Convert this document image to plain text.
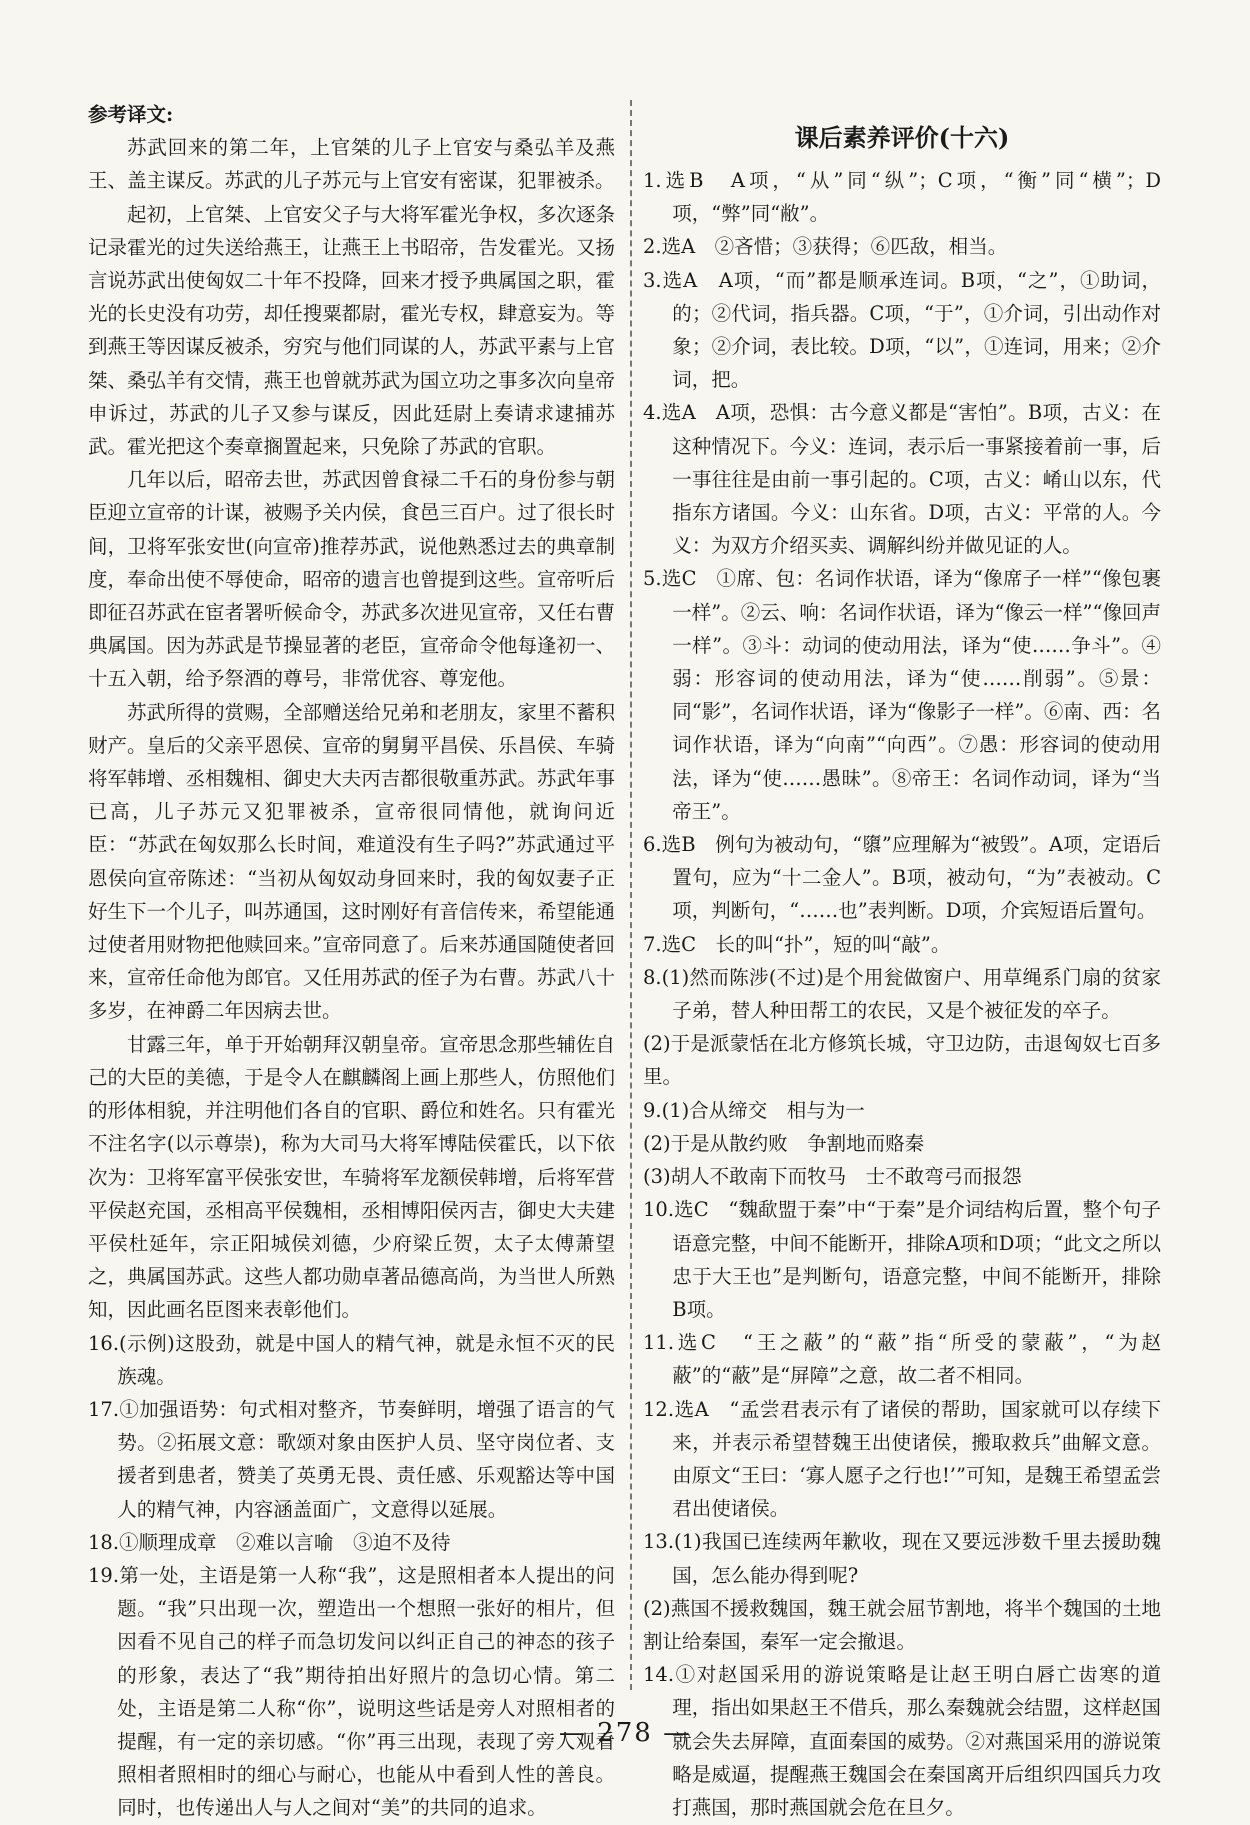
参考译文:

苏武回来的第二年，上官桀的儿子上官安与桑弘羊及燕王、盖主谋反。苏武的儿子苏元与上官安有密谋，犯罪被杀。

起初，上官桀、上官安父子与大将军霍光争权，多次逐条记录霍光的过失送给燕王，让燕王上书昭帝，告发霍光。又扬言说苏武出使匈奴二十年不投降，回来才授予典属国之职，霍光的长史没有功劳，却任搜粟都尉，霍光专权，肆意妄为。等到燕王等因谋反被杀，穷究与他们同谋的人，苏武平素与上官桀、桑弘羊有交情，燕王也曾就苏武为国立功之事多次向皇帝申诉过，苏武的儿子又参与谋反，因此廷尉上奏请求逮捕苏武。霍光把这个奏章搁置起来，只免除了苏武的官职。

几年以后，昭帝去世，苏武因曾食禄二千石的身份参与朝臣迎立宣帝的计谋，被赐予关内侯，食邑三百户。过了很长时间，卫将军张安世(向宣帝)推荐苏武，说他熟悉过去的典章制度，奉命出使不辱使命，昭帝的遗言也曾提到这些。宣帝听后即征召苏武在宦者署听候命令，苏武多次进见宣帝，又任右曹典属国。因为苏武是节操显著的老臣，宣帝命令他每逢初一、十五入朝，给予祭酒的尊号，非常优容、尊宠他。

苏武所得的赏赐，全部赠送给兄弟和老朋友，家里不蓄积财产。皇后的父亲平恩侯、宣帝的舅舅平昌侯、乐昌侯、车骑将军韩增、丞相魏相、御史大夫丙吉都很敬重苏武。苏武年事已高，儿子苏元又犯罪被杀，宣帝很同情他，就询问近臣：“苏武在匈奴那么长时间，难道没有生子吗?”苏武通过平恩侯向宣帝陈述：“当初从匈奴动身回来时，我的匈奴妻子正好生下一个儿子，叫苏通国，这时刚好有音信传来，希望能通过使者用财物把他赎回来。”宣帝同意了。后来苏通国随使者回来，宣帝任命他为郎官。又任用苏武的侄子为右曹。苏武八十多岁，在神爵二年因病去世。

甘露三年，单于开始朝拜汉朝皇帝。宣帝思念那些辅佐自己的大臣的美德，于是令人在麒麟阁上画上那些人，仿照他们的形体相貌，并注明他们各自的官职、爵位和姓名。只有霍光不注名字(以示尊崇)，称为大司马大将军博陆侯霍氏，以下依次为：卫将军富平侯张安世，车骑将军龙额侯韩增，后将军营平侯赵充国，丞相高平侯魏相，丞相博阳侯丙吉，御史大夫建平侯杜延年，宗正阳城侯刘德，少府梁丘贺，太子太傅萧望之，典属国苏武。这些人都功勋卓著品德高尚，为当世人所熟知，因此画名臣图来表彰他们。

16.(示例)这股劲，就是中国人的精气神，就是永恒不灭的民族魂。

17.①加强语势：句式相对整齐，节奏鲜明，增强了语言的气势。②拓展文意：歌颂对象由医护人员、坚守岗位者、支援者到患者，赞美了英勇无畏、责任感、乐观豁达等中国人的精气神，内容涵盖面广，文意得以延展。

18.①顺理成章　②难以言喻　③迫不及待

19.第一处，主语是第一人称“我”，这是照相者本人提出的问题。“我”只出现一次，塑造出一个想照一张好的相片，但因看不见自己的样子而急切发问以纠正自己的神态的孩子的形象，表达了“我”期待拍出好照片的急切心情。第二处，主语是第二人称“你”，说明这些话是旁人对照相者的提醒，有一定的亲切感。“你”再三出现，表现了旁人观看照相者照相时的细心与耐心，也能从中看到人性的善良。同时，也传递出人与人之间对“美”的共同的追求。

课后素养评价(十六)

1.选B　A项，“从”同“纵”；C项，“衡”同“横”；D项，“弊”同“敝”。

2.选A　②吝惜；③获得；⑥匹敌，相当。

3.选A　A项，“而”都是顺承连词。B项，“之”，①助词，的；②代词，指兵器。C项，“于”，①介词，引出动作对象；②介词，表比较。D项，“以”，①连词，用来；②介词，把。

4.选A　A项，恐惧：古今意义都是“害怕”。B项，古义：在这种情况下。今义：连词，表示后一事紧接着前一事，后一事往往是由前一事引起的。C项，古义：崤山以东，代指东方诸国。今义：山东省。D项，古义：平常的人。今义：为双方介绍买卖、调解纠纷并做见证的人。

5.选C　①席、包：名词作状语，译为“像席子一样”“像包裹一样”。②云、响：名词作状语，译为“像云一样”“像回声一样”。③斗：动词的使动用法，译为“使……争斗”。④弱：形容词的使动用法，译为“使……削弱”。⑤景：同“影”，名词作状语，译为“像影子一样”。⑥南、西：名词作状语，译为“向南”“向西”。⑦愚：形容词的使动用法，译为“使……愚昧”。⑧帝王：名词作动词，译为“当帝王”。

6.选B　例句为被动句，“隳”应理解为“被毁”。A项，定语后置句，应为“十二金人”。B项，被动句，“为”表被动。C项，判断句，“……也”表判断。D项，介宾短语后置句。

7.选C　长的叫“扑”，短的叫“敲”。

8.(1)然而陈涉(不过)是个用瓮做窗户、用草绳系门扇的贫家子弟，替人种田帮工的农民，又是个被征发的卒子。

(2)于是派蒙恬在北方修筑长城，守卫边防，击退匈奴七百多里。

9.(1)合从缔交　相与为一

(2)于是从散约败　争割地而赂秦

(3)胡人不敢南下而牧马　士不敢弯弓而报怨

10.选C　“魏歃盟于秦”中“于秦”是介词结构后置，整个句子语意完整，中间不能断开，排除A项和D项；“此文之所以忠于大王也”是判断句，语意完整，中间不能断开，排除B项。

11.选C　“王之蔽”的“蔽”指“所受的蒙蔽”，“为赵蔽”的“蔽”是“屏障”之意，故二者不相同。

12.选A　“孟尝君表示有了诸侯的帮助，国家就可以存续下来，并表示希望替魏王出使诸侯，搬取救兵”曲解文意。由原文“王曰：‘寡人愿子之行也!’”可知，是魏王希望孟尝君出使诸侯。

13.(1)我国已连续两年歉收，现在又要远涉数千里去援助魏国，怎么能办得到呢?

(2)燕国不援救魏国，魏王就会屈节割地，将半个魏国的土地割让给秦国，秦军一定会撤退。

14.①对赵国采用的游说策略是让赵王明白唇亡齿寒的道理，指出如果赵王不借兵，那么秦魏就会结盟，这样赵国就会失去屏障，直面秦国的威势。②对燕国采用的游说策略是威逼，提醒燕王魏国会在秦国离开后组织四国兵力攻打燕国，那时燕国就会危在旦夕。

— 278 —
